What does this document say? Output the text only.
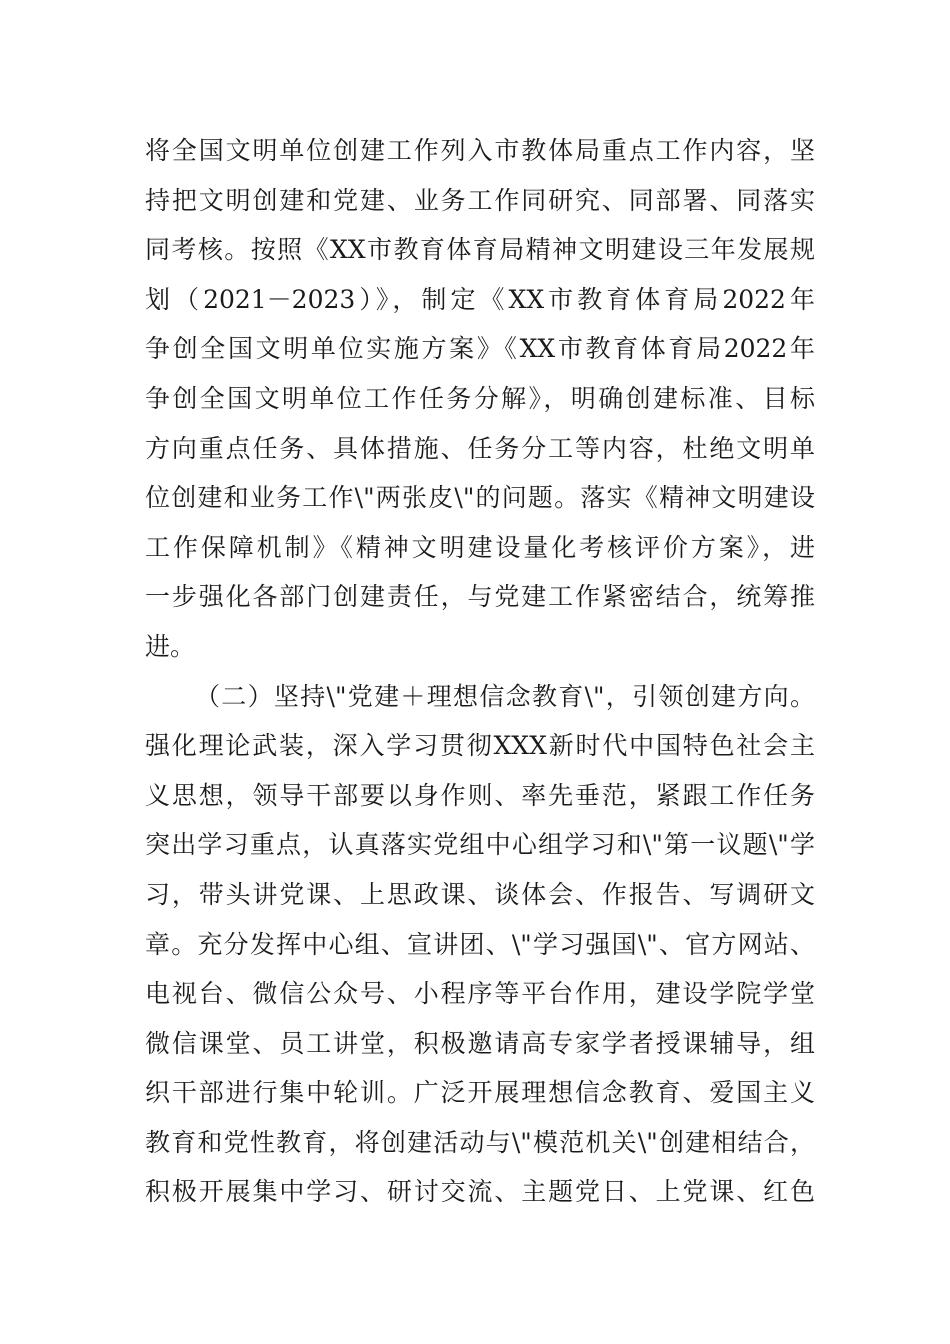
将全国文明单位创建工作列入市教体局重点工作内容，坚
持把文明创建和党建、业务工作同研究、同部署、同落实
同考核。按照《XX市教育体育局精神文明建设三年发展规
划（2021－2023）》，制定《XX市教育体育局2022年
争创全国文明单位实施方案》《XX市教育体育局2022年
争创全国文明单位工作任务分解》，明确创建标准、目标
方向重点任务、具体措施、任务分工等内容，杜绝文明单
位创建和业务工作\"两张皮\"的问题。落实《精神文明建设
工作保障机制》《精神文明建设量化考核评价方案》，进
一步强化各部门创建责任，与党建工作紧密结合，统筹推
进。
（二）坚持\"党建＋理想信念教育\"，引领创建方向。
强化理论武装，深入学习贯彻XXX新时代中国特色社会主
义思想，领导干部要以身作则、率先垂范，紧跟工作任务
突出学习重点，认真落实党组中心组学习和\"第一议题\"学
习，带头讲党课、上思政课、谈体会、作报告、写调研文
章。充分发挥中心组、宣讲团、\"学习强国\"、官方网站、
电视台、微信公众号、小程序等平台作用，建设学院学堂
微信课堂、员工讲堂，积极邀请高专家学者授课辅导，组
织干部进行集中轮训。广泛开展理想信念教育、爱国主义
教育和党性教育，将创建活动与\"模范机关\"创建相结合，
积极开展集中学习、研讨交流、主题党日、上党课、红色
